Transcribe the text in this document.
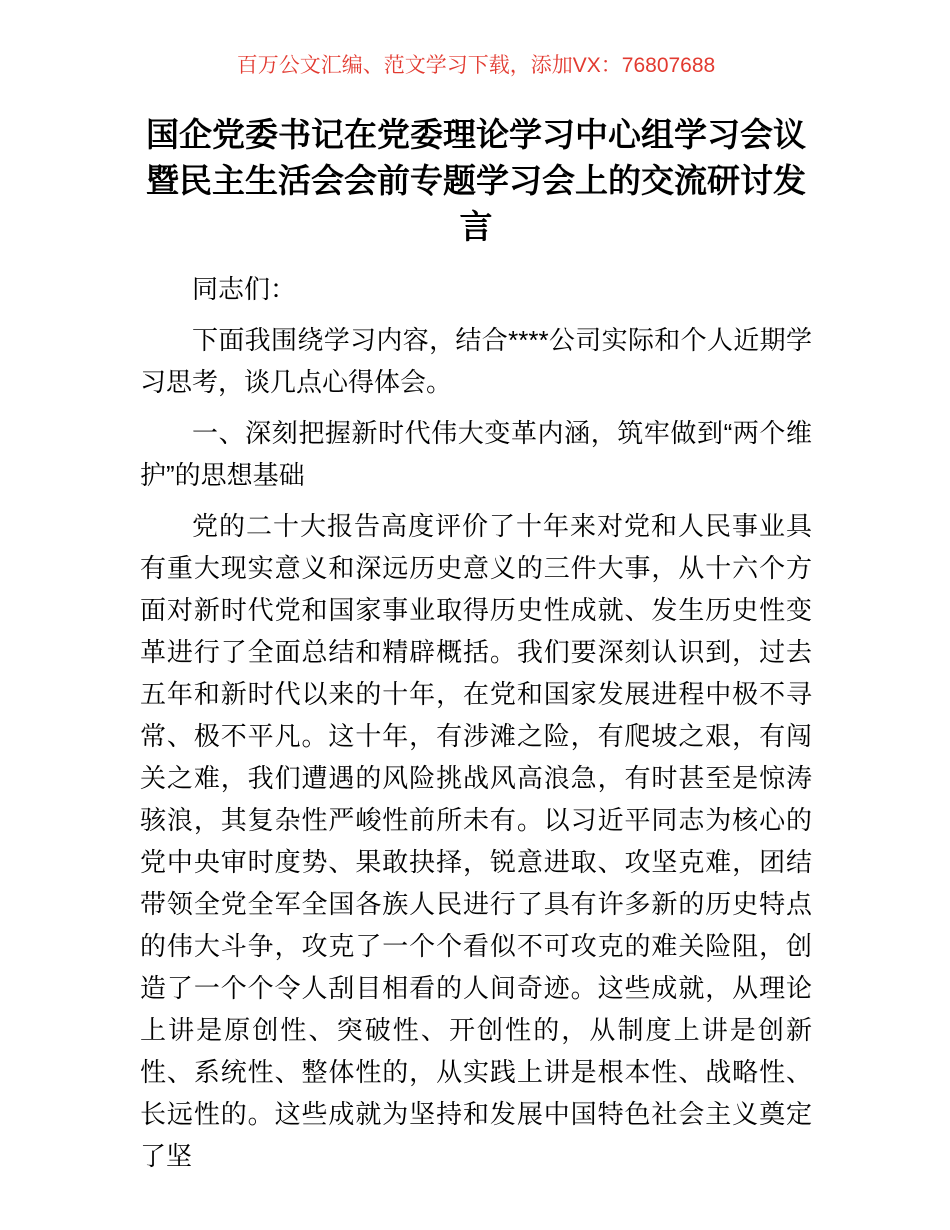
百万公文汇编、范文学习下载，添加VX：76807688
国企党委书记在党委理论学习中心组学习会议暨民主生活会会前专题学习会上的交流研讨发言

同志们：

下面我围绕学习内容，结合****公司实际和个人近期学习思考，谈几点心得体会。

一、深刻把握新时代伟大变革内涵，筑牢做到“两个维护”的思想基础

党的二十大报告高度评价了十年来对党和人民事业具有重大现实意义和深远历史意义的三件大事，从十六个方面对新时代党和国家事业取得历史性成就、发生历史性变革进行了全面总结和精辟概括。我们要深刻认识到，过去五年和新时代以来的十年，在党和国家发展进程中极不寻常、极不平凡。这十年，有涉滩之险，有爬坡之艰，有闯关之难，我们遭遇的风险挑战风高浪急，有时甚至是惊涛骇浪，其复杂性严峻性前所未有。以习近平同志为核心的党中央审时度势、果敢抉择，锐意进取、攻坚克难，团结带领全党全军全国各族人民进行了具有许多新的历史特点的伟大斗争，攻克了一个个看似不可攻克的难关险阻，创造了一个个令人刮目相看的人间奇迹。这些成就，从理论上讲是原创性、突破性、开创性的，从制度上讲是创新性、系统性、整体性的，从实践上讲是根本性、战略性、长远性的。这些成就为坚持和发展中国特色社会主义奠定了坚
